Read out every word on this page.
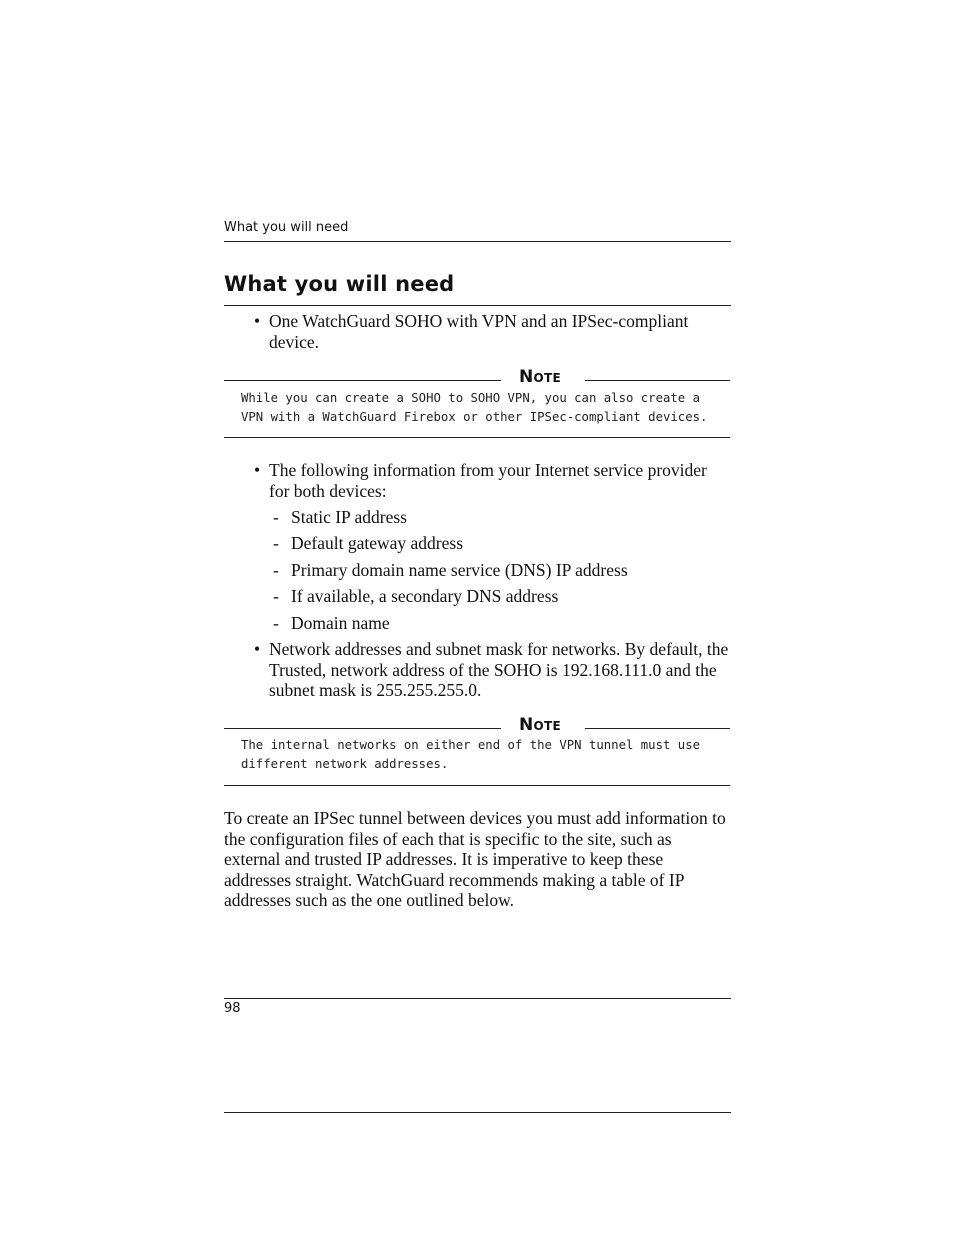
What you will need
What you will need
• One WatchGuard SOHO with VPN and an IPSec-compliant device.
Note
While you can create a SOHO to SOHO VPN, you can also create a VPN with a WatchGuard Firebox or other IPSec-compliant devices.
• The following information from your Internet service provider for both devices:
- Static IP address
- Default gateway address
- Primary domain name service (DNS) IP address
- If available, a secondary DNS address
- Domain name
• Network addresses and subnet mask for networks. By default, the Trusted, network address of the SOHO is 192.168.111.0 and the subnet mask is 255.255.255.0.
Note
The internal networks on either end of the VPN tunnel must use different network addresses.

To create an IPSec tunnel between devices you must add information to the configuration files of each that is specific to the site, such as external and trusted IP addresses. It is imperative to keep these addresses straight. WatchGuard recommends making a table of IP addresses such as the one outlined below.

98
